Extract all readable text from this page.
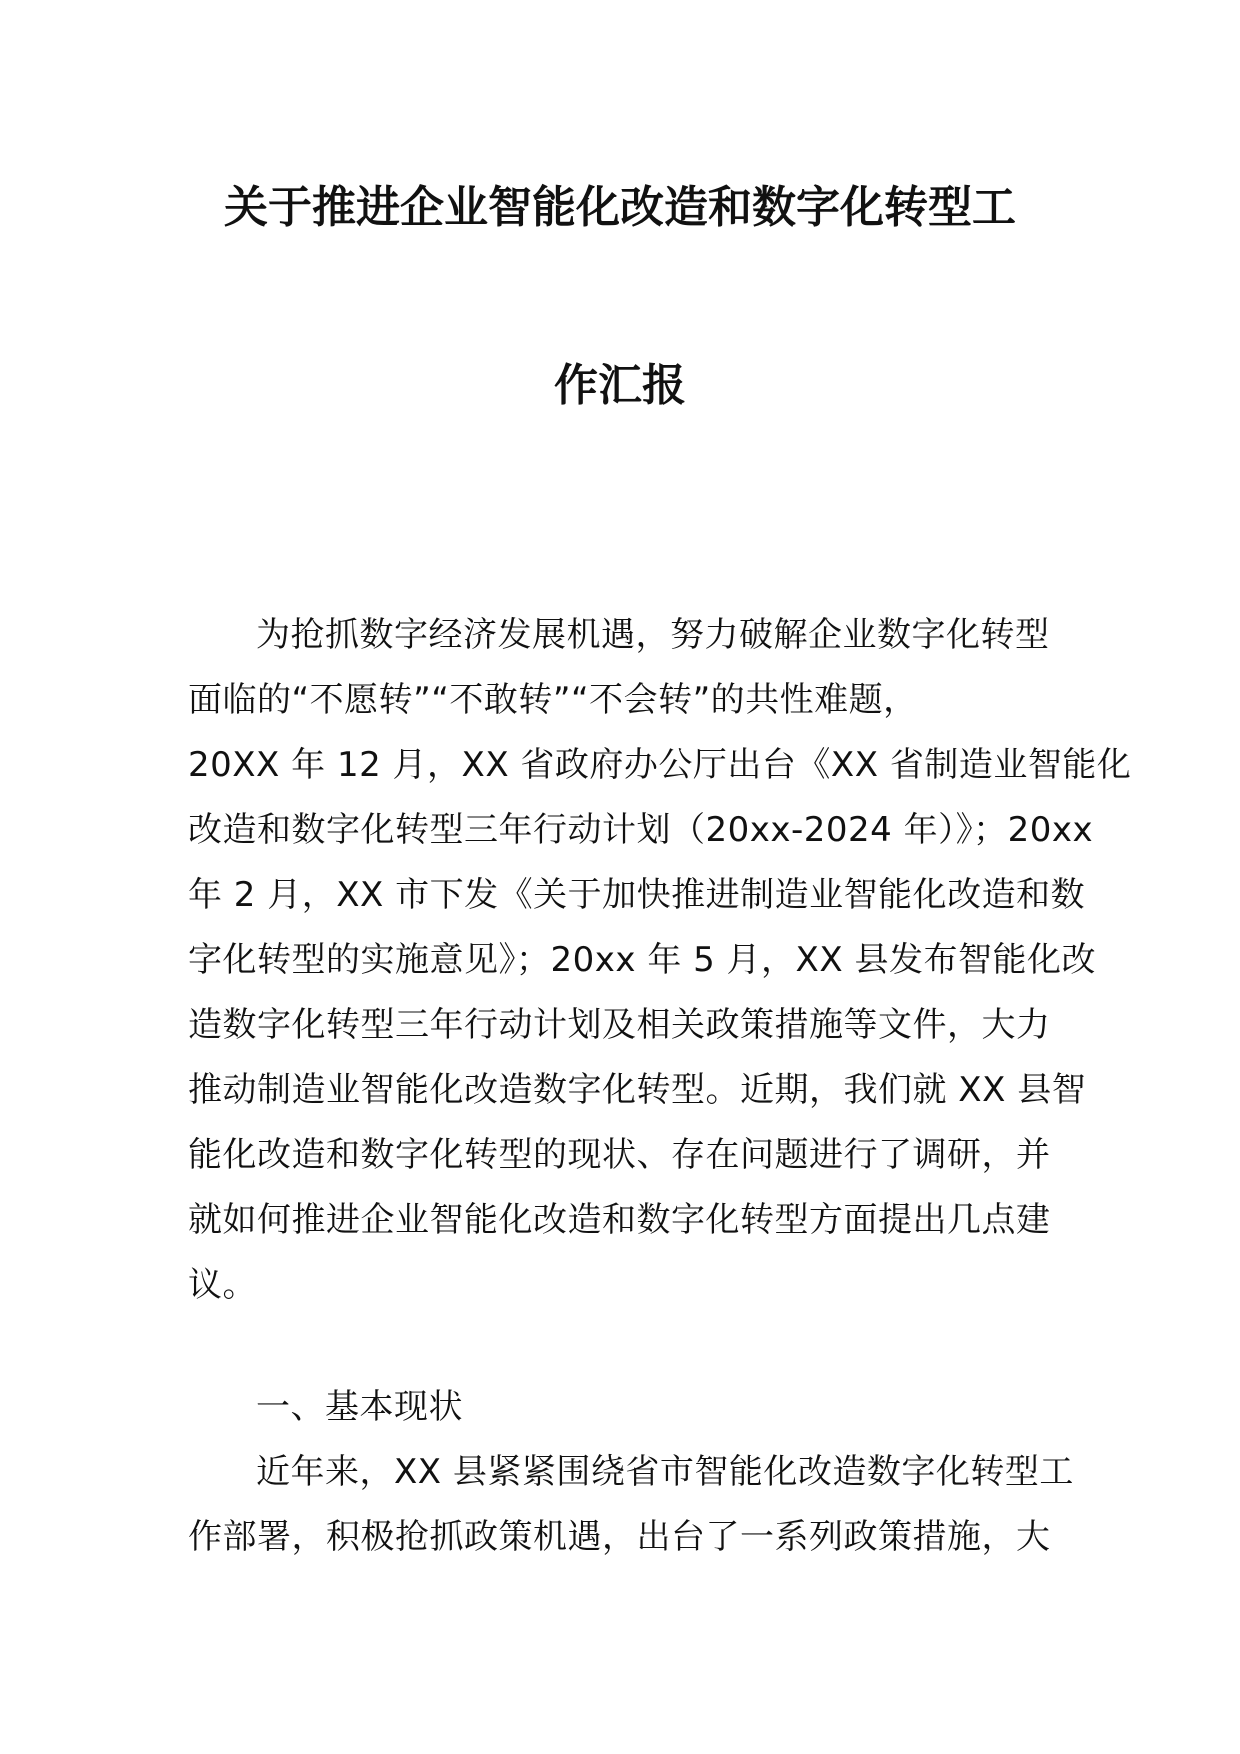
关于推进企业智能化改造和数字化转型工
作汇报
为抢抓数字经济发展机遇，努力破解企业数字化转型
面临的“不愿转”“不敢转”“不会转”的共性难题，
20XX 年 12 月，XX 省政府办公厅出台《XX 省制造业智能化
改造和数字化转型三年行动计划（20xx-2024 年）》；20xx
年 2 月，XX 市下发《关于加快推进制造业智能化改造和数
字化转型的实施意见》；20xx 年 5 月，XX 县发布智能化改
造数字化转型三年行动计划及相关政策措施等文件，大力
推动制造业智能化改造数字化转型。近期，我们就 XX 县智
能化改造和数字化转型的现状、存在问题进行了调研，并
就如何推进企业智能化改造和数字化转型方面提出几点建
议。
一、基本现状
近年来，XX 县紧紧围绕省市智能化改造数字化转型工
作部署，积极抢抓政策机遇，出台了一系列政策措施，大
